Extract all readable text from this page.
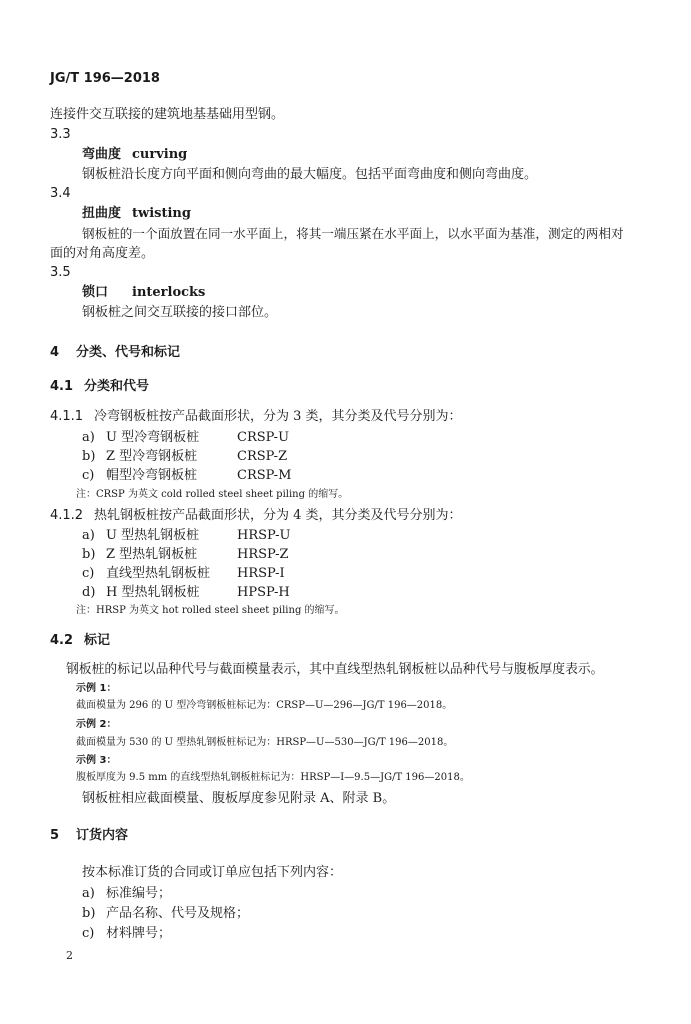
JG/T 196—2018
连接件交互联接的建筑地基基础用型钢。
3.3
弯曲度 curving
钢板桩沿长度方向平面和侧向弯曲的最大幅度。包括平面弯曲度和侧向弯曲度。
3.4
扭曲度 twisting
钢板桩的一个面放置在同一水平面上，将其一端压紧在水平面上，以水平面为基准，测定的两相对
面的对角高度差。
3.5
锁口 interlocks
钢板桩之间交互联接的接口部位。
4 分类、代号和标记
4.1 分类和代号
4.1.1 冷弯钢板桩按产品截面形状，分为 3 类，其分类及代号分别为：
a) U 型冷弯钢板桩	CRSP-U
b) Z 型冷弯钢板桩	CRSP-Z
c) 帽型冷弯钢板桩	CRSP-M
注：CRSP 为英文 cold rolled steel sheet piling 的缩写。
4.1.2 热轧钢板桩按产品截面形状，分为 4 类，其分类及代号分别为：
a) U 型热轧钢板桩	HRSP-U
b) Z 型热轧钢板桩	HRSP-Z
c) 直线型热轧钢板桩 HRSP-I
d) H 型热轧钢板桩	HPSP-H
注：HRSP 为英文 hot rolled steel sheet piling 的缩写。
4.2 标记
钢板桩的标记以品种代号与截面模量表示，其中直线型热轧钢板桩以品种代号与腹板厚度表示。
示例 1：
截面模量为 296 的 U 型冷弯钢板桩标记为：CRSP—U—296—JG/T 196—2018。
示例 2：
截面模量为 530 的 U 型热轧钢板桩标记为：HRSP—U—530—JG/T 196—2018。
示例 3：
腹板厚度为 9.5 mm 的直线型热轧钢板桩标记为：HRSP—I—9.5—JG/T 196—2018。
钢板桩相应截面模量、腹板厚度参见附录 A、附录 B。
5 订货内容
按本标准订货的合同或订单应包括下列内容：
a) 标准编号；
b) 产品名称、代号及规格；
c) 材料牌号；
2
